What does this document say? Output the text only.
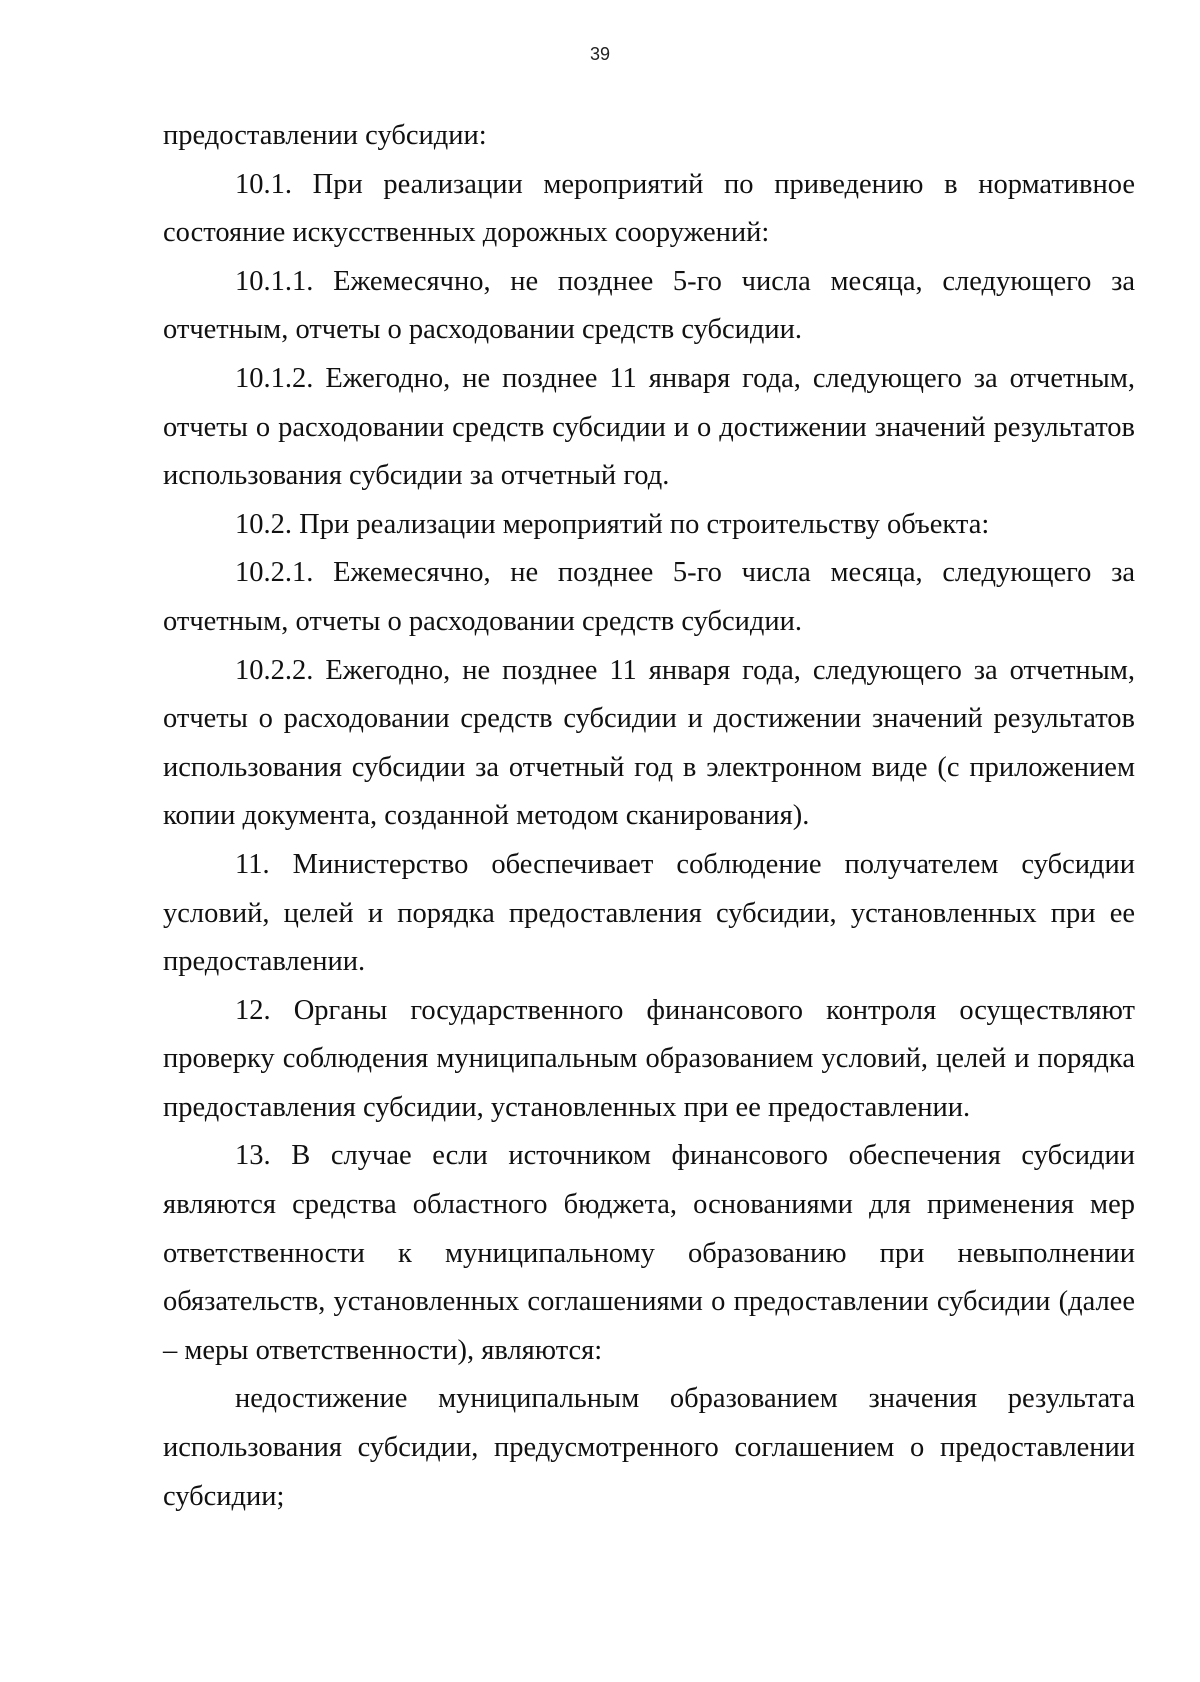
39

предоставлении субсидии:

10.1. При реализации мероприятий по приведению в нормативное состояние искусственных дорожных сооружений:

10.1.1. Ежемесячно, не позднее 5-го числа месяца, следующего за отчетным, отчеты о расходовании средств субсидии.

10.1.2. Ежегодно, не позднее 11 января года, следующего за отчетным, отчеты о расходовании средств субсидии и о достижении значений результатов использования субсидии за отчетный год.

10.2. При реализации мероприятий по строительству объекта:

10.2.1. Ежемесячно, не позднее 5-го числа месяца, следующего за отчетным, отчеты о расходовании средств субсидии.

10.2.2. Ежегодно, не позднее 11 января года, следующего за отчетным, отчеты о расходовании средств субсидии и достижении значений результатов использования субсидии за отчетный год в электронном виде (с приложением копии документа, созданной методом сканирования).

11. Министерство обеспечивает соблюдение получателем субсидии условий, целей и порядка предоставления субсидии, установленных при ее предоставлении.

12. Органы государственного финансового контроля осуществляют проверку соблюдения муниципальным образованием условий, целей и порядка предоставления субсидии, установленных при ее предоставлении.

13. В случае если источником финансового обеспечения субсидии являются средства областного бюджета, основаниями для применения мер ответственности к муниципальному образованию при невыполнении обязательств, установленных соглашениями о предоставлении субсидии (далее – меры ответственности), являются:

недостижение муниципальным образованием значения результата использования субсидии, предусмотренного соглашением о предоставлении субсидии;
